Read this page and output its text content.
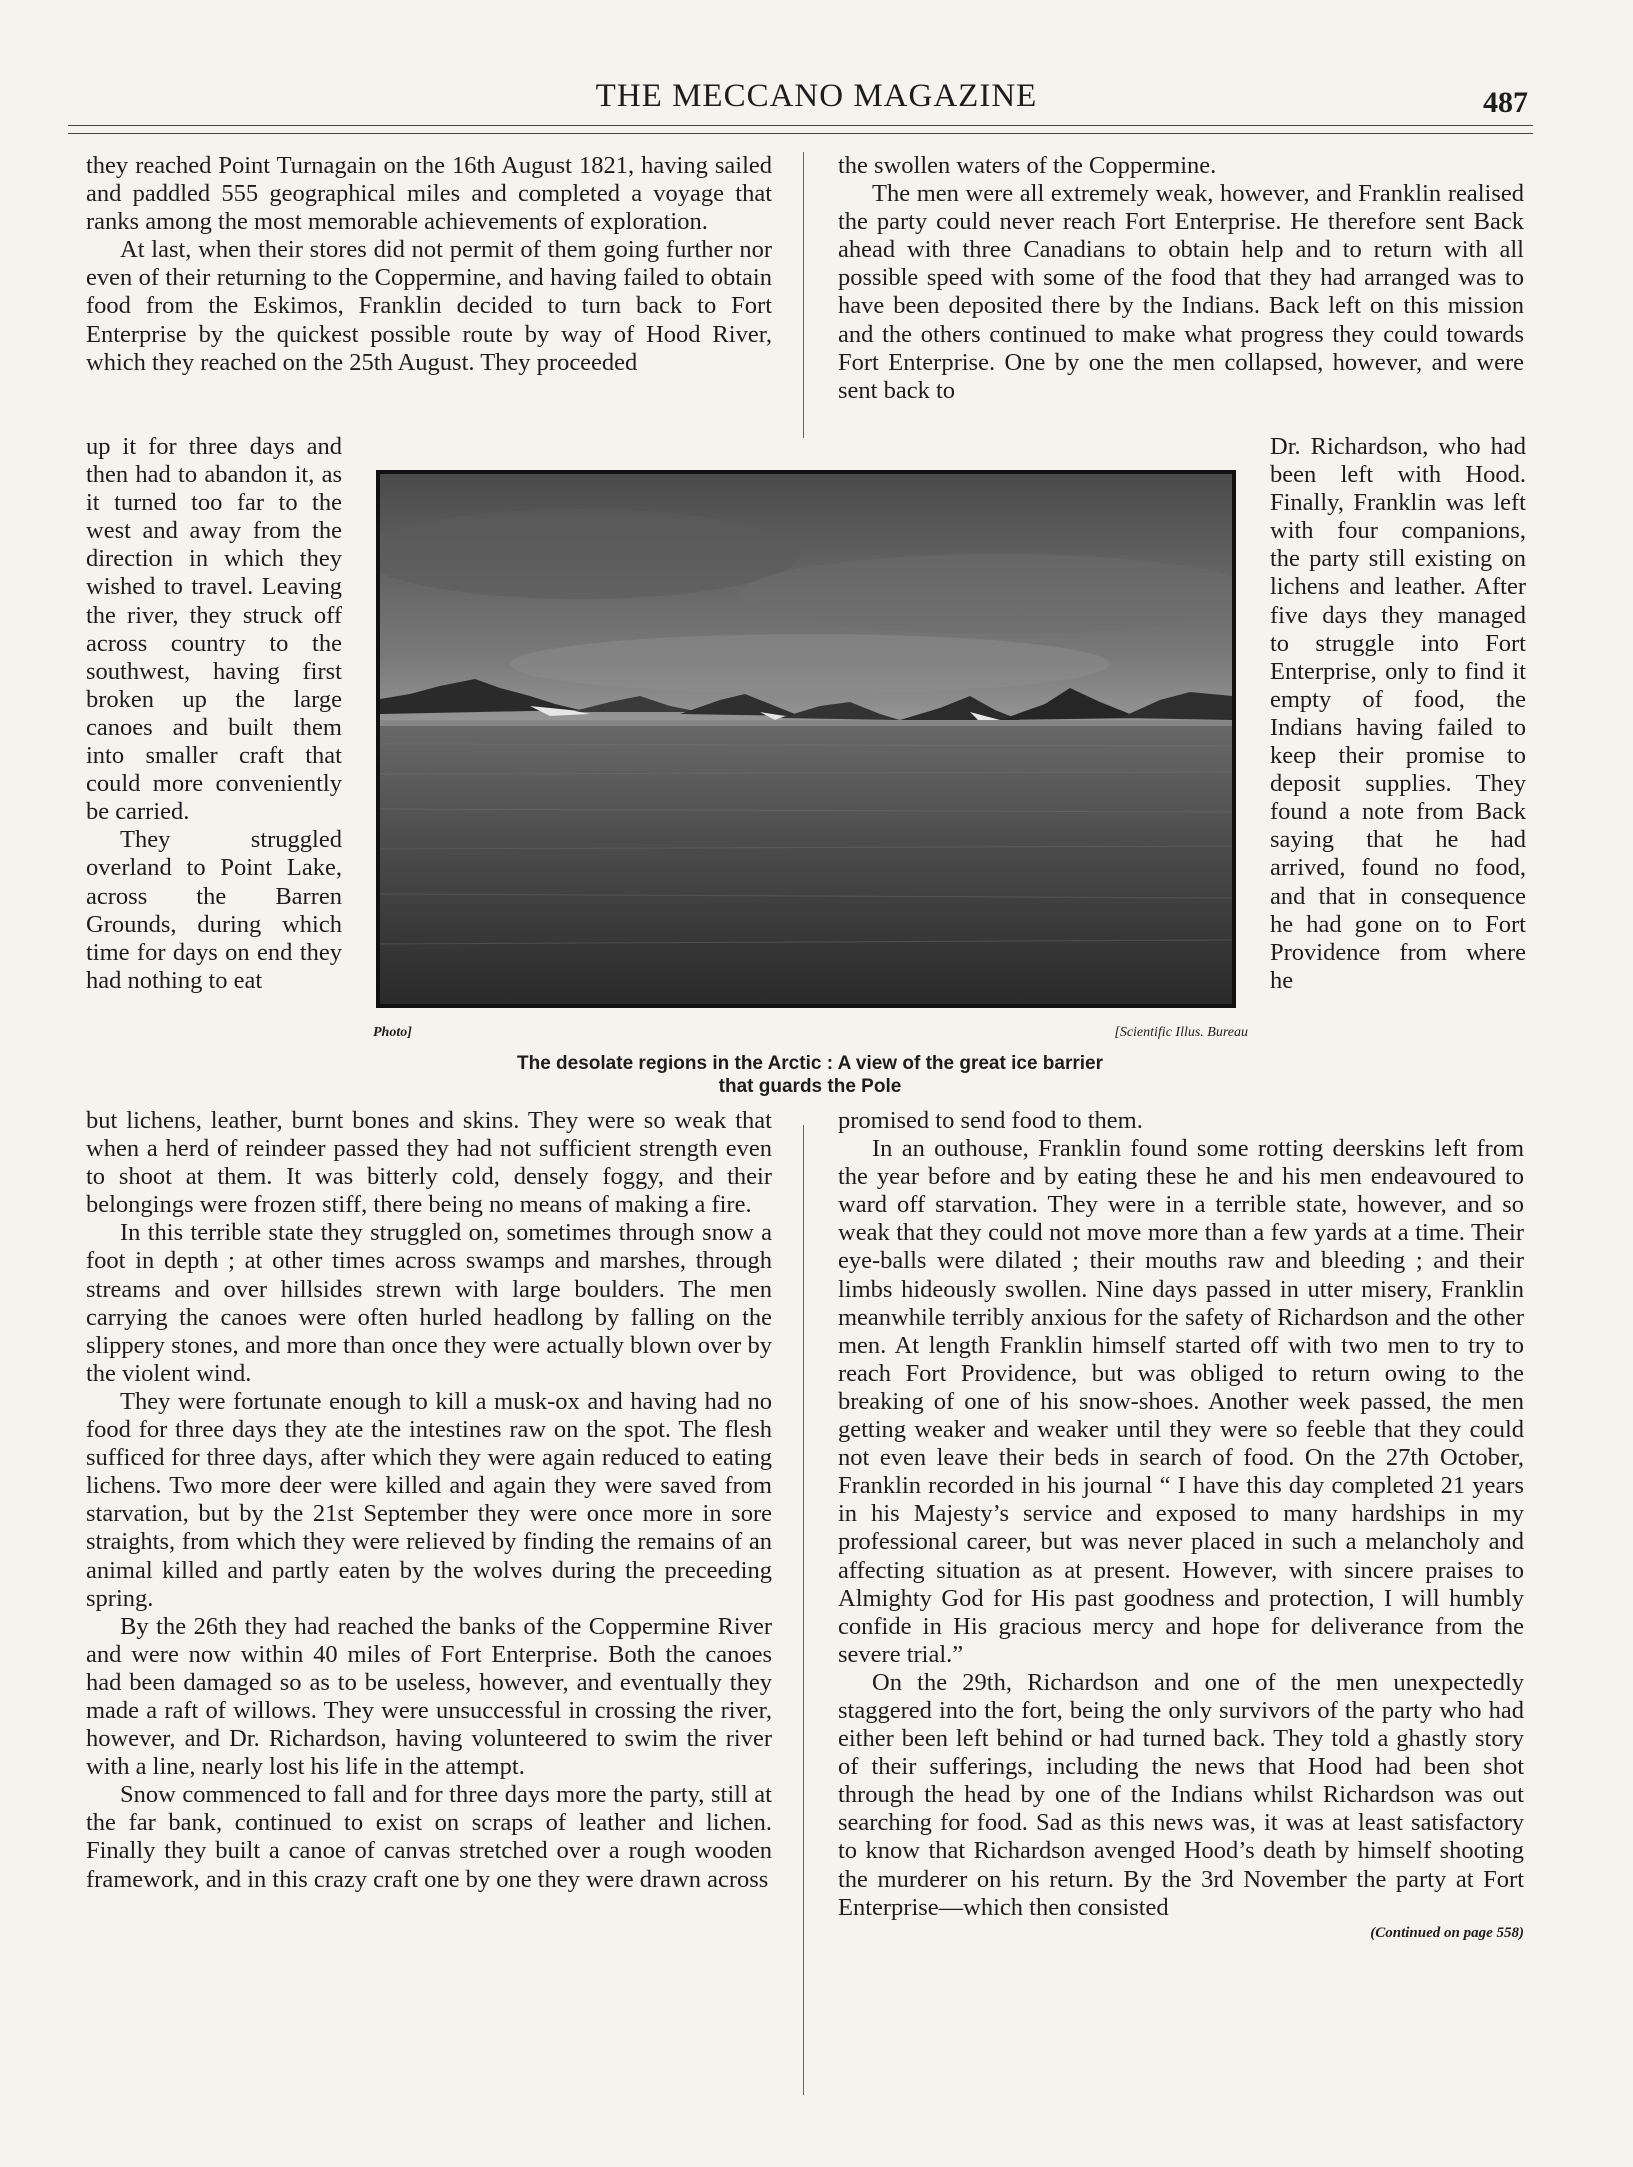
THE MECCANO MAGAZINE	487

they reached Point Turnagain on the 16th August 1821, having sailed and paddled 555 geographical miles and completed a voyage that ranks among the most memorable achievements of exploration.

At last, when their stores did not permit of them going further nor even of their returning to the Coppermine, and having failed to obtain food from the Eskimos, Franklin decided to turn back to Fort Enterprise by the quickest possible route by way of Hood River, which they reached on the 25th August. They proceeded

up it for three days and then had to abandon it, as it turned too far to the west and away from the direction in which they wished to travel. Leaving the river, they struck off across country to the southwest, having first broken up the large canoes and built them into smaller craft that could more conveniently be carried.

They struggled overland to Point Lake, across the Barren Grounds, during which time for days on end they had nothing to eat

but lichens, leather, burnt bones and skins. They were so weak that when a herd of reindeer passed they had not sufficient strength even to shoot at them. It was bitterly cold, densely foggy, and their belongings were frozen stiff, there being no means of making a fire.

In this terrible state they struggled on, sometimes through snow a foot in depth ; at other times across swamps and marshes, through streams and over hillsides strewn with large boulders. The men carrying the canoes were often hurled headlong by falling on the slippery stones, and more than once they were actually blown over by the violent wind.

They were fortunate enough to kill a musk-ox and having had no food for three days they ate the intestines raw on the spot. The flesh sufficed for three days, after which they were again reduced to eating lichens. Two more deer were killed and again they were saved from starvation, but by the 21st September they were once more in sore straights, from which they were relieved by finding the remains of an animal killed and partly eaten by the wolves during the preceeding spring.

By the 26th they had reached the banks of the Coppermine River and were now within 40 miles of Fort Enterprise. Both the canoes had been damaged so as to be useless, however, and eventually they made a raft of willows. They were unsuccessful in crossing the river, however, and Dr. Richardson, having volunteered to swim the river with a line, nearly lost his life in the attempt.

Snow commenced to fall and for three days more the party, still at the far bank, continued to exist on scraps of leather and lichen. Finally they built a canoe of canvas stretched over a rough wooden framework, and in this crazy craft one by one they were drawn across

the swollen waters of the Coppermine.

The men were all extremely weak, however, and Franklin realised the party could never reach Fort Enterprise. He therefore sent Back ahead with three Canadians to obtain help and to return with all possible speed with some of the food that they had arranged was to have been deposited there by the Indians. Back left on this mission and the others continued to make what progress they could towards Fort Enterprise. One by one the men collapsed, however, and were sent back to

Dr. Richardson, who had been left with Hood. Finally, Franklin was left with four companions, the party still existing on lichens and leather. After five days they managed to struggle into Fort Enterprise, only to find it empty of food, the Indians having failed to keep their promise to deposit supplies. They found a note from Back saying that he had arrived, found no food, and that in consequence he had gone on to Fort Providence from where he

promised to send food to them.

In an outhouse, Franklin found some rotting deerskins left from the year before and by eating these he and his men endeavoured to ward off starvation. They were in a terrible state, however, and so weak that they could not move more than a few yards at a time. Their eye-balls were dilated ; their mouths raw and bleeding ; and their limbs hideously swollen. Nine days passed in utter misery, Franklin meanwhile terribly anxious for the safety of Richardson and the other men. At length Franklin himself started off with two men to try to reach Fort Providence, but was obliged to return owing to the breaking of one of his snow-shoes. Another week passed, the men getting weaker and weaker until they were so feeble that they could not even leave their beds in search of food. On the 27th October, Franklin recorded in his journal “ I have this day completed 21 years in his Majesty’s service and exposed to many hardships in my professional career, but was never placed in such a melancholy and affecting situation as at present. However, with sincere praises to Almighty God for His past goodness and protection, I will humbly confide in His gracious mercy and hope for deliverance from the severe trial.”

On the 29th, Richardson and one of the men unexpectedly staggered into the fort, being the only survivors of the party who had either been left behind or had turned back. They told a ghastly story of their sufferings, including the news that Hood had been shot through the head by one of the Indians whilst Richardson was out searching for food. Sad as this news was, it was at least satisfactory to know that Richardson avenged Hood’s death by himself shooting the murderer on his return. By the 3rd November the party at Fort Enterprise—which then consisted

(Continued on page 558)

Photo]	[Scientific Illus. Bureau
The desolate regions in the Arctic : A view of the great ice barrier
that guards the Pole
